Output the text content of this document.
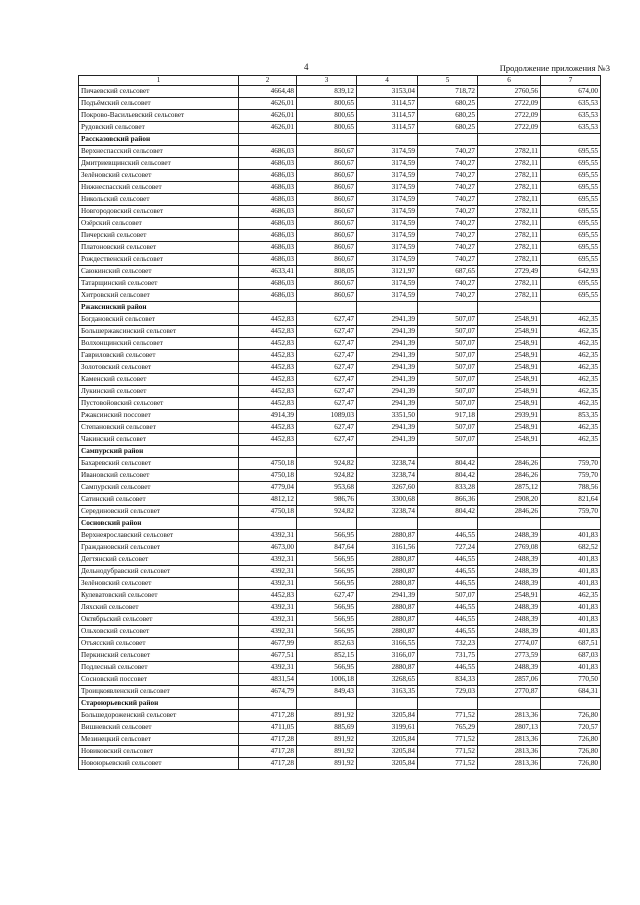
4	Продолжение приложения №3
1	2	3	4	5	6	7
Пичаевский сельсовет	4664,48	839,12	3153,04	718,72	2760,56	674,00
Подъёмский сельсовет	4626,01	800,65	3114,57	680,25	2722,09	635,53
Покрово-Васильевский сельсовет	4626,01	800,65	3114,57	680,25	2722,09	635,53
Рудовский сельсовет	4626,01	800,65	3114,57	680,25	2722,09	635,53
Рассказовский район						
Верхнеспасский сельсовет	4686,03	860,67	3174,59	740,27	2782,11	695,55
Дмитриевщинский сельсовет	4686,03	860,67	3174,59	740,27	2782,11	695,55
Зелёновский сельсовет	4686,03	860,67	3174,59	740,27	2782,11	695,55
Нижнеспасский сельсовет	4686,03	860,67	3174,59	740,27	2782,11	695,55
Никольский сельсовет	4686,03	860,67	3174,59	740,27	2782,11	695,55
Новгородовский сельсовет	4686,03	860,67	3174,59	740,27	2782,11	695,55
Озёрский сельсовет	4686,03	860,67	3174,59	740,27	2782,11	695,55
Пичерский сельсовет	4686,03	860,67	3174,59	740,27	2782,11	695,55
Платоновский сельсовет	4686,03	860,67	3174,59	740,27	2782,11	695,55
Рождественский сельсовет	4686,03	860,67	3174,59	740,27	2782,11	695,55
Саюкинский сельсовет	4633,41	808,05	3121,97	687,65	2729,49	642,93
Татарщинский сельсовет	4686,03	860,67	3174,59	740,27	2782,11	695,55
Хитровский сельсовет	4686,03	860,67	3174,59	740,27	2782,11	695,55
Ржаксинский район						
Богдановский сельсовет	4452,83	627,47	2941,39	507,07	2548,91	462,35
Большержаксинский сельсовет	4452,83	627,47	2941,39	507,07	2548,91	462,35
Волхонщинский сельсовет	4452,83	627,47	2941,39	507,07	2548,91	462,35
Гавриловский сельсовет	4452,83	627,47	2941,39	507,07	2548,91	462,35
Золотовский сельсовет	4452,83	627,47	2941,39	507,07	2548,91	462,35
Каменский сельсовет	4452,83	627,47	2941,39	507,07	2548,91	462,35
Лукинский сельсовет	4452,83	627,47	2941,39	507,07	2548,91	462,35
Пустовойовский сельсовет	4452,83	627,47	2941,39	507,07	2548,91	462,35
Ржаксинский поссовет	4914,39	1089,03	3351,50	917,18	2939,91	853,35
Степановский сельсовет	4452,83	627,47	2941,39	507,07	2548,91	462,35
Чакинский сельсовет	4452,83	627,47	2941,39	507,07	2548,91	462,35
Сампурский район						
Бахаревский сельсовет	4750,18	924,82	3238,74	804,42	2846,26	759,70
Ивановский сельсовет	4750,18	924,82	3238,74	804,42	2846,26	759,70
Сампурский сельсовет	4779,04	953,68	3267,60	833,28	2875,12	788,56
Сатинский сельсовет	4812,12	986,76	3300,68	866,36	2908,20	821,64
Серединовский сельсовет	4750,18	924,82	3238,74	804,42	2846,26	759,70
Сосновский район						
Верхнеярославский сельсовет	4392,31	566,95	2880,87	446,55	2488,39	401,83
Граждановский сельсовет	4673,00	847,64	3161,56	727,24	2769,08	682,52
Дегтянский сельсовет	4392,31	566,95	2880,87	446,55	2488,39	401,83
Дельнодубравский сельсовет	4392,31	566,95	2880,87	446,55	2488,39	401,83
Зелёновский сельсовет	4392,31	566,95	2880,87	446,55	2488,39	401,83
Кулеватовский сельсовет	4452,83	627,47	2941,39	507,07	2548,91	462,35
Ляхский сельсовет	4392,31	566,95	2880,87	446,55	2488,39	401,83
Октябрьский сельсовет	4392,31	566,95	2880,87	446,55	2488,39	401,83
Ольховский сельсовет	4392,31	566,95	2880,87	446,55	2488,39	401,83
Отъясский сельсовет	4677,99	852,63	3166,55	732,23	2774,07	687,51
Перкинский сельсовет	4677,51	852,15	3166,07	731,75	2773,59	687,03
Подлесный сельсовет	4392,31	566,95	2880,87	446,55	2488,39	401,83
Сосновский поссовет	4831,54	1006,18	3268,65	834,33	2857,06	770,50
Троицкоявленский сельсовет	4674,79	849,43	3163,35	729,03	2770,87	684,31
Староюрьевский район						
Большедороженский сельсовет	4717,28	891,92	3205,84	771,52	2813,36	726,80
Вишневский сельсовет	4711,05	885,69	3199,61	765,29	2807,13	720,57
Мезинецкий сельсовет	4717,28	891,92	3205,84	771,52	2813,36	726,80
Новиковский сельсовет	4717,28	891,92	3205,84	771,52	2813,36	726,80
Новоюрьевский сельсовет	4717,28	891,92	3205,84	771,52	2813,36	726,80
